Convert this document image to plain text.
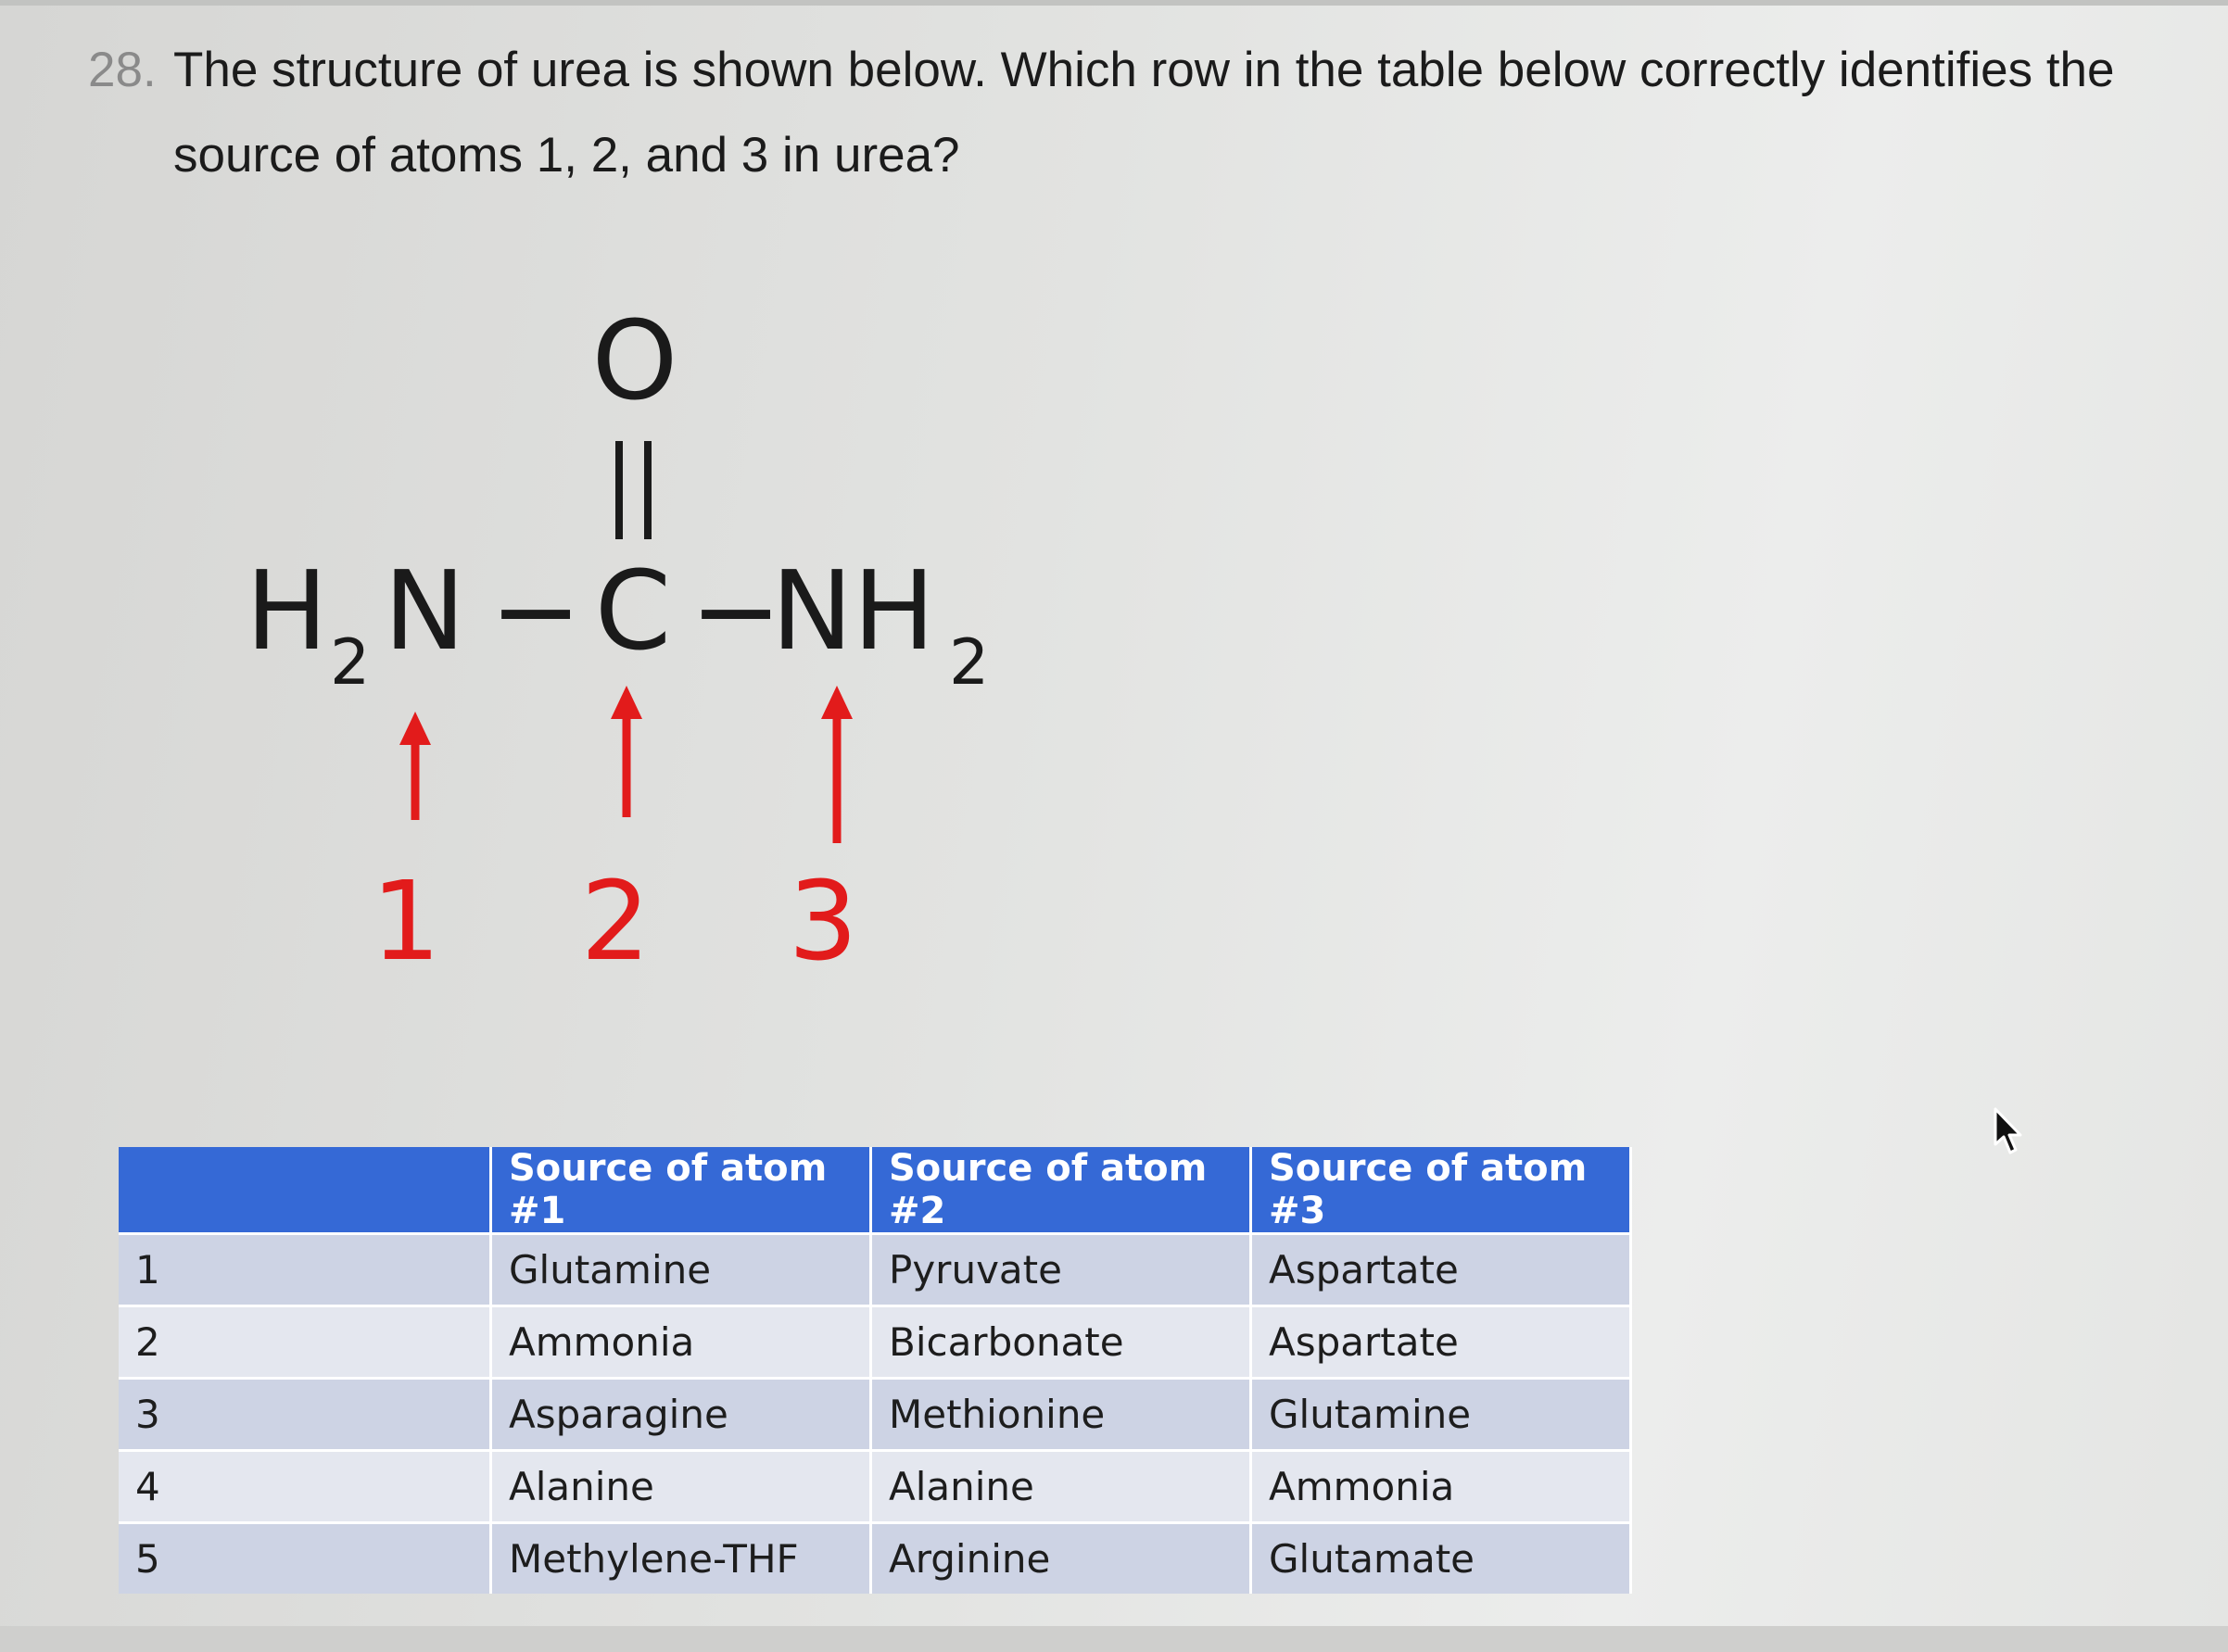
28. The structure of urea is shown below. Which row in the table below correctly identifies the
source of atoms 1, 2, and 3 in urea?
O
H 2 N − C −
NH 2
1 2 3
	Source of atom #1	Source of atom #2	Source of atom #3
1	Glutamine	Pyruvate	Aspartate
2	Ammonia	Bicarbonate	Aspartate
3	Asparagine	Methionine	Glutamine
4	Alanine	Alanine	Ammonia
5	Methylene-THF	Arginine	Glutamate
